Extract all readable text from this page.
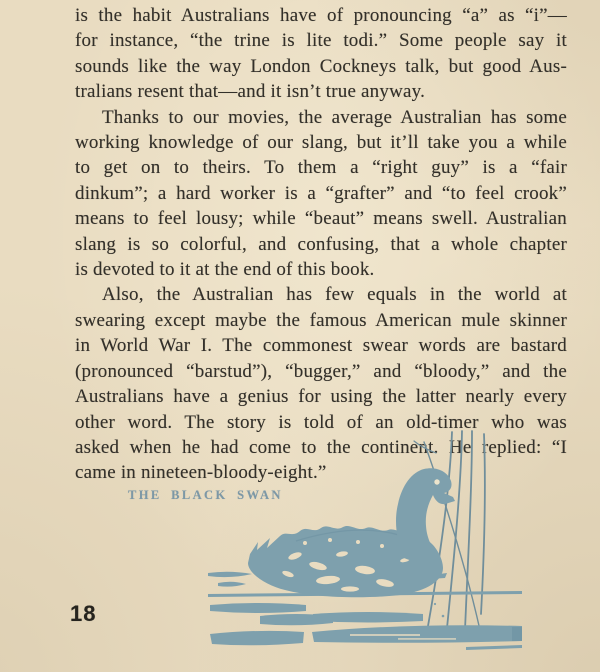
is the habit Australians have of pronouncing “a” as “i”—
for instance, “the trine is lite todi.” Some people say it
sounds like the way London Cockneys talk, but good Aus-
tralians resent that—and it isn’t true anyway.
Thanks to our movies, the average Australian has some
working knowledge of our slang, but it’ll take you a while
to get on to theirs. To them a “right guy” is a “fair
dinkum”; a hard worker is a “grafter” and “to feel crook”
means to feel lousy; while “beaut” means swell. Australian
slang is so colorful, and confusing, that a whole chapter
is devoted to it at the end of this book.
Also, the Australian has few equals in the world at
swearing except maybe the famous American mule skinner
in World War I. The commonest swear words are bastard
(pronounced “barstud”), “bugger,” and “bloody,” and the
Australians have a genius for using the latter nearly every
other word. The story is told of an old-timer who was
asked when he had come to the continent. He replied: “I
came in nineteen-bloody-eight.”
THE BLACK SWAN
18
